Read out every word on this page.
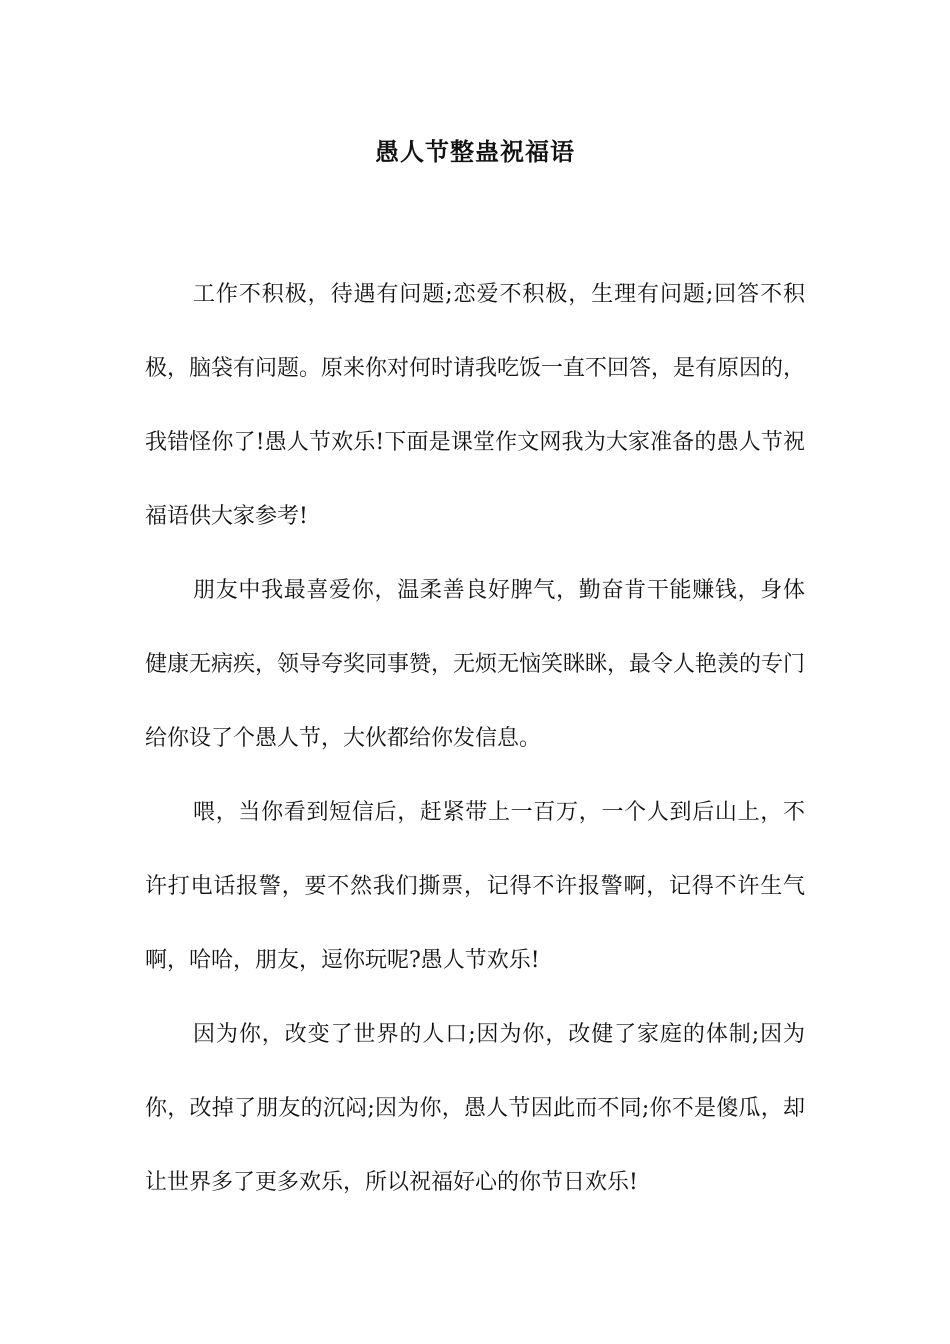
愚人节整蛊祝福语

工作不积极，待遇有问题;恋爱不积极，生理有问题;回答不积极，脑袋有问题。原来你对何时请我吃饭一直不回答，是有原因的，我错怪你了!愚人节欢乐!下面是课堂作文网我为大家准备的愚人节祝福语供大家参考!

朋友中我最喜爱你，温柔善良好脾气，勤奋肯干能赚钱，身体健康无病疾，领导夸奖同事赞，无烦无恼笑眯眯，最令人艳羡的专门给你设了个愚人节，大伙都给你发信息。

喂，当你看到短信后，赶紧带上一百万，一个人到后山上，不许打电话报警，要不然我们撕票，记得不许报警啊，记得不许生气啊，哈哈，朋友，逗你玩呢?愚人节欢乐!

因为你，改变了世界的人口;因为你，改健了家庭的体制;因为你，改掉了朋友的沉闷;因为你，愚人节因此而不同;你不是傻瓜，却让世界多了更多欢乐，所以祝福好心的你节日欢乐!
